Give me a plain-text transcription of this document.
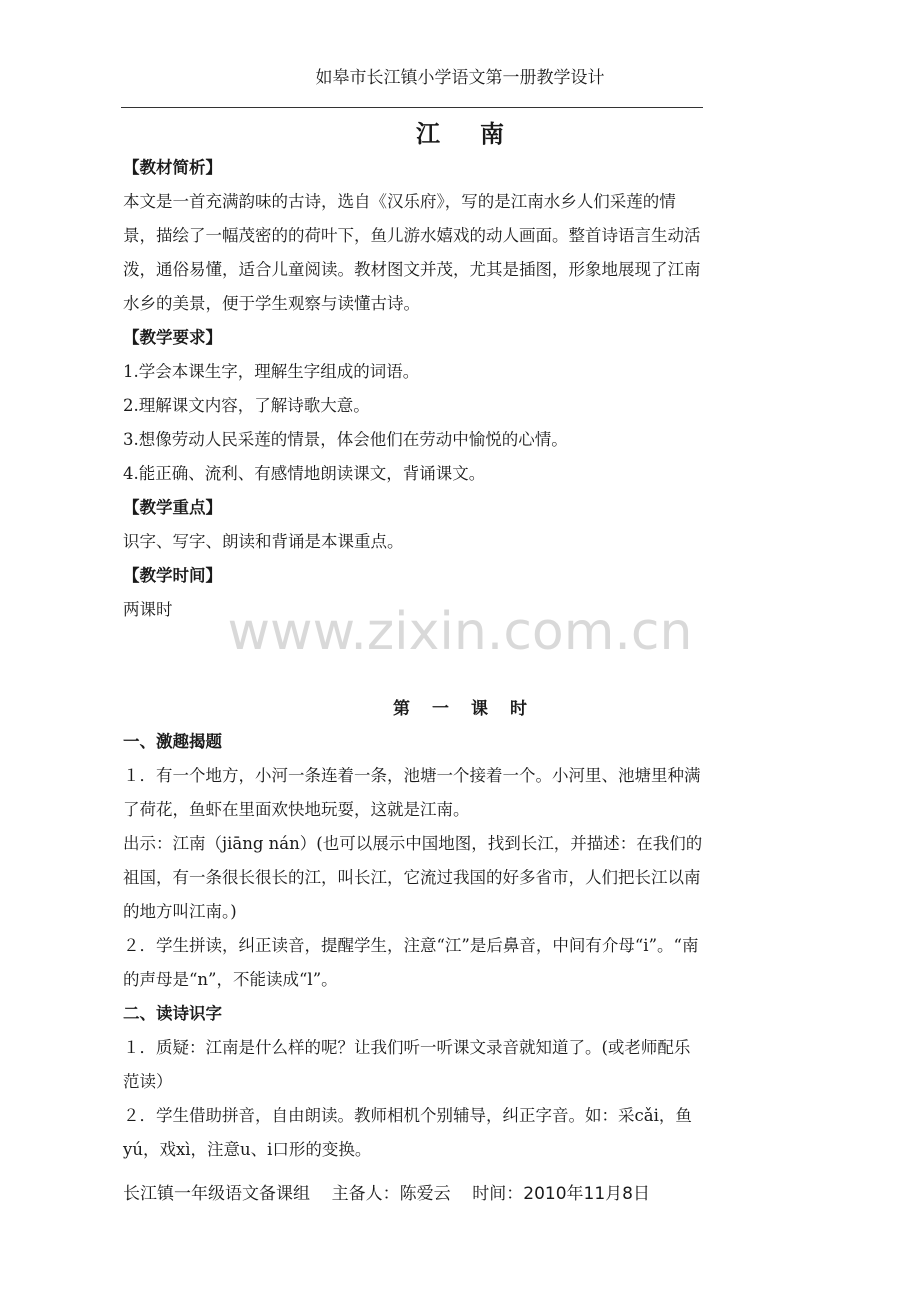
如皋市长江镇小学语文第一册教学设计
江南

【教材简析】

本文是一首充满韵味的古诗，选自《汉乐府》，写的是江南水乡人们采莲的情景，描绘了一幅茂密的的荷叶下，鱼儿游水嬉戏的动人画面。整首诗语言生动活泼，通俗易懂，适合儿童阅读。教材图文并茂，尤其是插图，形象地展现了江南水乡的美景，便于学生观察与读懂古诗。

【教学要求】

1.学会本课生字，理解生字组成的词语。

2.理解课文内容，了解诗歌大意。

3.想像劳动人民采莲的情景，体会他们在劳动中愉悦的心情。

4.能正确、流利、有感情地朗读课文，背诵课文。

【教学重点】

识字、写字、朗读和背诵是本课重点。

【教学时间】

两课时	www.zixin.com.cn
第一课时

一、激趣揭题

１．有一个地方，小河一条连着一条，池塘一个接着一个。小河里、池塘里种满了荷花，鱼虾在里面欢快地玩耍，这就是江南。

出示：江南（jiāng nán）(也可以展示中国地图，找到长江，并描述：在我们的祖国，有一条很长很长的江，叫长江，它流过我国的好多省市，人们把长江以南的地方叫江南。)

２．学生拼读，纠正读音，提醒学生，注意“江”是后鼻音，中间有介母“i”。“南的声母是“n”，不能读成“l”。

二、读诗识字

１．质疑：江南是什么样的呢？让我们听一听课文录音就知道了。(或老师配乐范读）

２．学生借助拼音，自由朗读。教师相机个别辅导，纠正字音。如：采cǎi，鱼yú，戏xì，注意u、i口形的变换。

长江镇一年级语文备课组 主备人：陈爱云 时间：2010年11月8日
